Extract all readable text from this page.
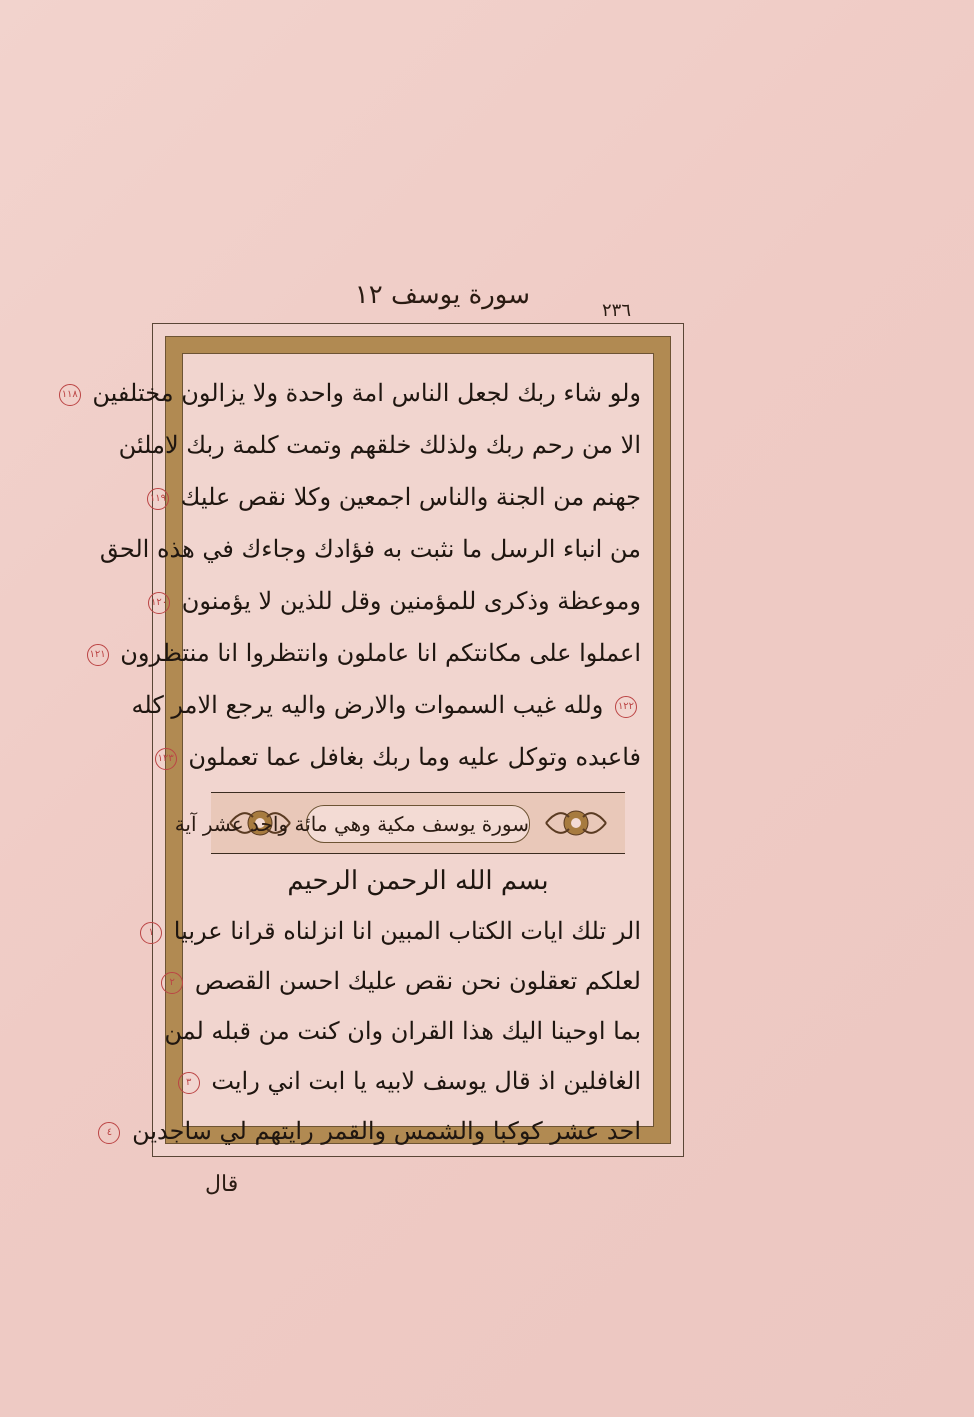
سورة يوسف ١٢
٢٣٦
ولو شاء ربك لجعل الناس امة واحدة ولا يزالون مختلفين ١١٨
الا من رحم ربك ولذلك خلقهم وتمت كلمة ربك لاملئن
جهنم من الجنة والناس اجمعين وكلا نقص عليك ١١٩
من انباء الرسل ما نثبت به فؤادك وجاءك في هذه الحق
وموعظة وذكرى للمؤمنين وقل للذين لا يؤمنون ١٢٠
اعملوا على مكانتكم انا عاملون وانتظروا انا منتظرون ١٢١
١٢٢ ولله غيب السموات والارض واليه يرجع الامر كله
فاعبده وتوكل عليه وما ربك بغافل عما تعملون ١٢٣
سورة يوسف مكية وهي مائة واحد عشر آية
بسم الله الرحمن الرحيم
الر تلك ايات الكتاب المبين انا انزلناه قرانا عربيا ١
لعلكم تعقلون نحن نقص عليك احسن القصص ٢
بما اوحينا اليك هذا القران وان كنت من قبله لمن
الغافلين اذ قال يوسف لابيه يا ابت اني رايت ٣
احد عشر كوكبا والشمس والقمر رايتهم لي ساجدين ٤
قال
